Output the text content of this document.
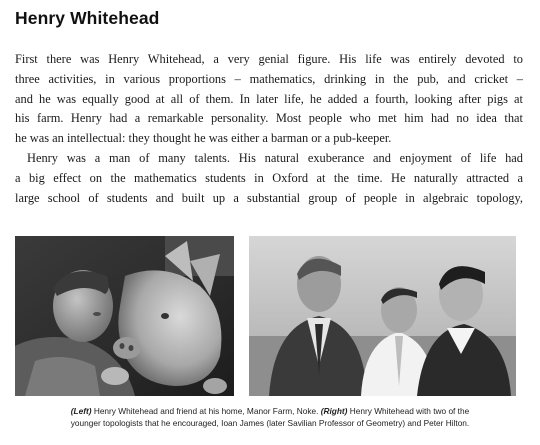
Henry Whitehead
First there was Henry Whitehead, a very genial figure. His life was entirely devoted to
three activities, in various proportions – mathematics, drinking in the pub, and cricket –
and he was equally good at all of them. In later life, he added a fourth, looking after pigs at
his farm. Henry had a remarkable personality. Most people who met him had no idea that
he was an intellectual: they thought he was either a barman or a pub-keeper.
Henry was a man of many talents. His natural exuberance and enjoyment of life had
a big effect on the mathematics students in Oxford at the time. He naturally attracted a
large school of students and built up a substantial group of people in algebraic topology,
(Left) Henry Whitehead and friend at his home, Manor Farm, Noke. (Right) Henry Whitehead with two of the
younger topologists that he encouraged, Ioan James (later Savilian Professor of Geometry) and Peter Hilton.
